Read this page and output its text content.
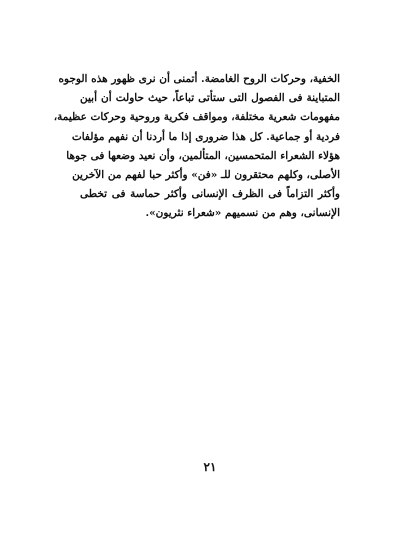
الخفية، وحركات الروح الغامضة. أتمنى أن نرى ظهور هذه الوجوه
المتباينة فى الفصول التى ستأتى تباعاً، حيث حاولت أن أبين
مفهومات شعرية مختلفة، ومواقف فكرية وروحية وحركات عظيمة،
فردية أو جماعية. كل هذا ضرورى إذا ما أردنا أن نفهم مؤلفات
هؤلاء الشعراء المتحمسين، المتألمين، وأن نعيد وضعها فى جوها
الأصلى، وكلهم محتقرون للـ «فن» وأكثر حبا لفهم من الآخرين
وأكثر التزاماً فى الظرف الإنسانى وأكثر حماسة فى تخطى
الإنسانى، وهم من نسميهم «شعراء نثريون».
٢١
